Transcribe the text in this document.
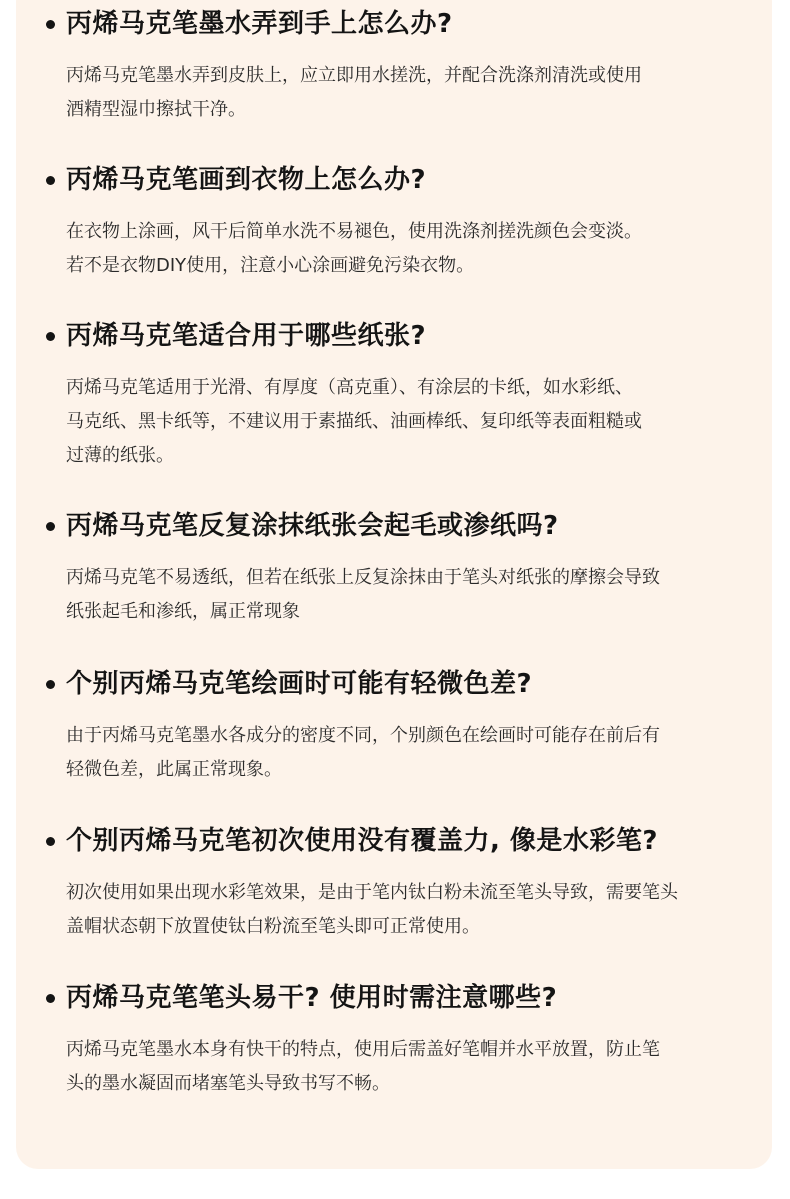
丙烯马克笔墨水弄到手上怎么办?

丙烯马克笔墨水弄到皮肤上，应立即用水搓洗，并配合洗涤剂清洗或使用
酒精型湿巾擦拭干净。

丙烯马克笔画到衣物上怎么办?

在衣物上涂画，风干后简单水洗不易褪色，使用洗涤剂搓洗颜色会变淡。
若不是衣物DIY使用，注意小心涂画避免污染衣物。

丙烯马克笔适合用于哪些纸张?

丙烯马克笔适用于光滑、有厚度（高克重）、有涂层的卡纸，如水彩纸、
马克纸、黑卡纸等，不建议用于素描纸、油画棒纸、复印纸等表面粗糙或
过薄的纸张。

丙烯马克笔反复涂抹纸张会起毛或渗纸吗?

丙烯马克笔不易透纸，但若在纸张上反复涂抹由于笔头对纸张的摩擦会导致
纸张起毛和渗纸，属正常现象

个别丙烯马克笔绘画时可能有轻微色差?

由于丙烯马克笔墨水各成分的密度不同，个别颜色在绘画时可能存在前后有
轻微色差，此属正常现象。

个别丙烯马克笔初次使用没有覆盖力, 像是水彩笔?

初次使用如果出现水彩笔效果，是由于笔内钛白粉未流至笔头导致，需要笔头
盖帽状态朝下放置使钛白粉流至笔头即可正常使用。

丙烯马克笔笔头易干? 使用时需注意哪些?

丙烯马克笔墨水本身有快干的特点，使用后需盖好笔帽并水平放置，防止笔
头的墨水凝固而堵塞笔头导致书写不畅。
